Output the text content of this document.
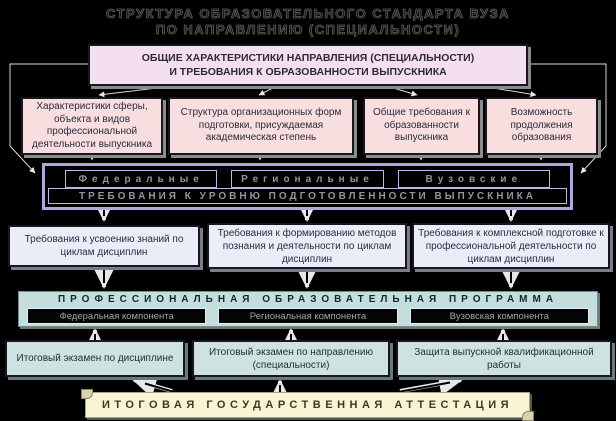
СТРУКТУРА ОБРАЗОВАТЕЛЬНОГО СТАНДАРТА ВУЗА
ПО НАПРАВЛЕНИЮ (СПЕЦИАЛЬНОСТИ)
ОБЩИЕ ХАРАКТЕРИСТИКИ НАПРАВЛЕНИЯ (СПЕЦИАЛЬНОСТИ)
И ТРЕБОВАНИЯ К ОБРАЗОВАННОСТИ ВЫПУСКНИКА
Характеристики сферы, объекта и видов профессиональной деятельности выпускника
Структура организационных форм подготовки, присуждаемая академическая степень
Общие требования к образованности выпускника
Возможность продолжения образования
Федеральные	Региональные	Вузовские
ТРЕБОВАНИЯ К УРОВНЮ ПОДГОТОВЛЕННОСТИ ВЫПУСКНИКА
Требования к усвоению знаний по циклам дисциплин
Требования к формированию методов познания и деятельности по циклам дисциплин
Требования к комплексной подготовке к профессиональной деятельности по циклам дисциплин
ПРОФЕССИОНАЛЬНАЯ ОБРАЗОВАТЕЛЬНАЯ ПРОГРАММА
Федеральная компонента	Региональная компонента	Вузовская компонента
Итоговый экзамен по дисциплине
Итоговый экзамен по направлению (специальности)
Защита выпускной квалификационной работы
ИТОГОВАЯ ГОСУДАРСТВЕННАЯ АТТЕСТАЦИЯ
